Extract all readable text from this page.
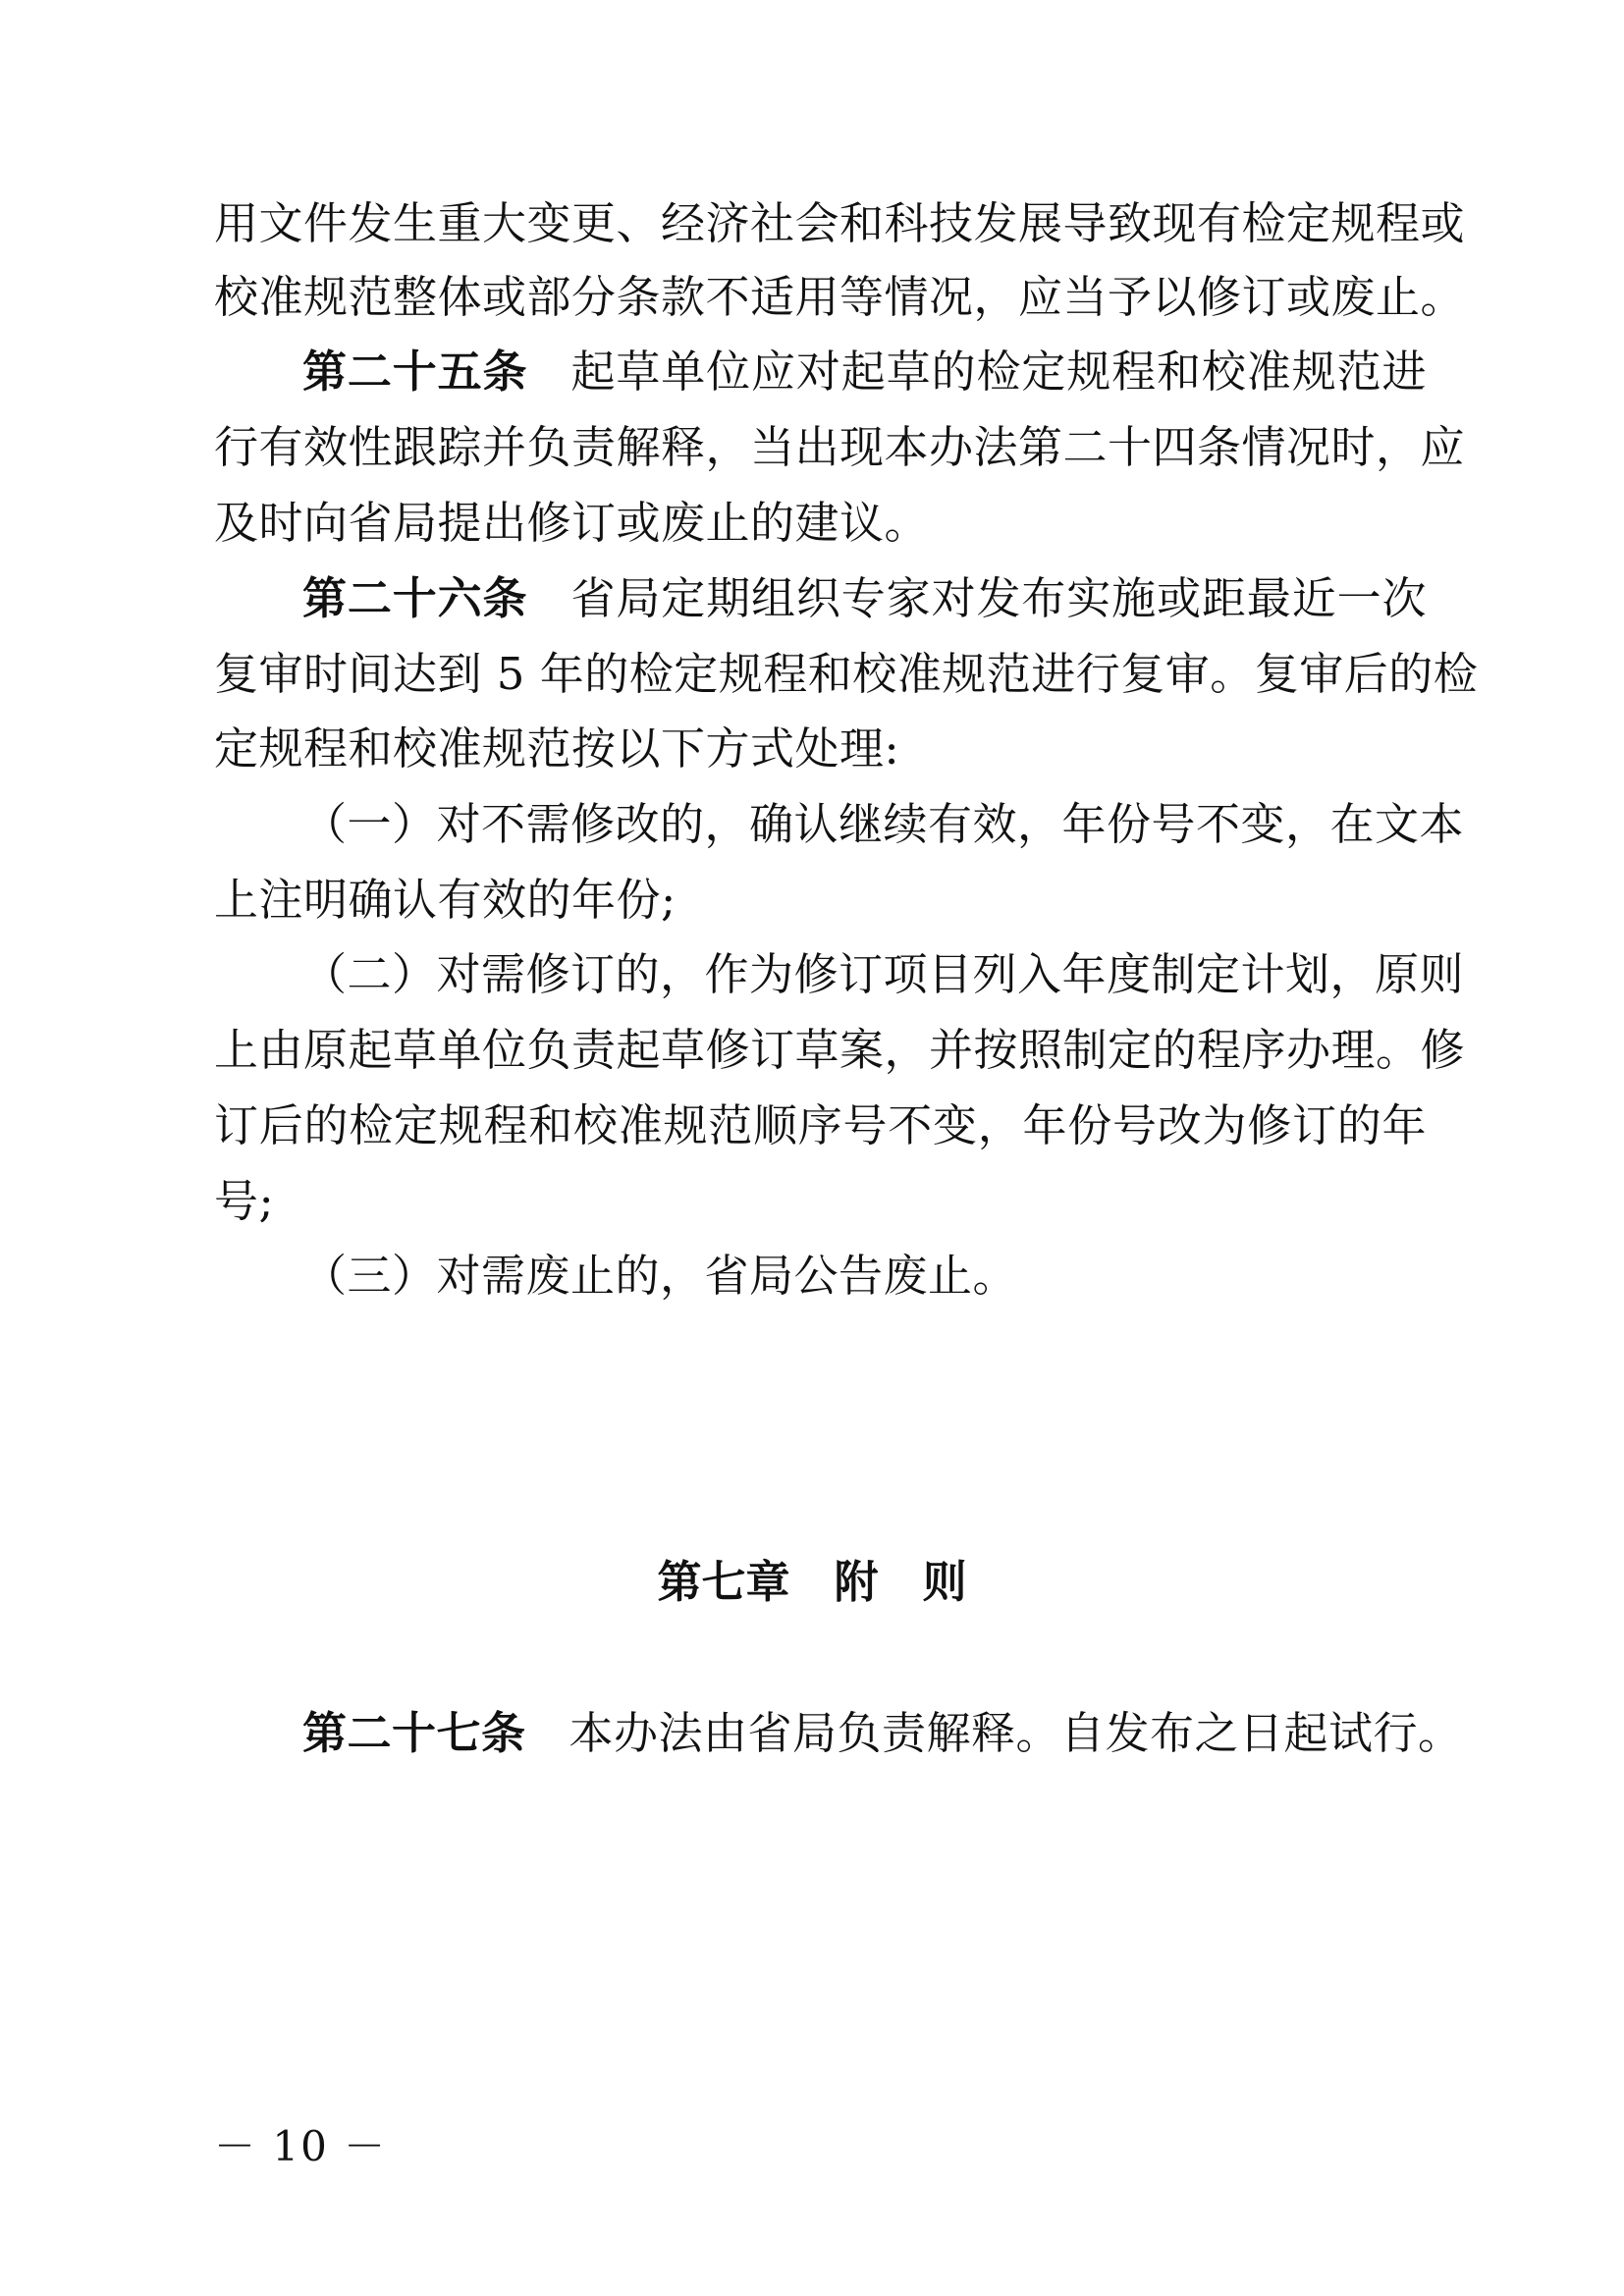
用文件发生重大变更、经济社会和科技发展导致现有检定规程或
校准规范整体或部分条款不适用等情况，应当予以修订或废止。
第二十五条 起草单位应对起草的检定规程和校准规范进
行有效性跟踪并负责解释，当出现本办法第二十四条情况时，应
及时向省局提出修订或废止的建议。
第二十六条 省局定期组织专家对发布实施或距最近一次
复审时间达到 5 年的检定规程和校准规范进行复审。复审后的检
定规程和校准规范按以下方式处理:
（一）对不需修改的，确认继续有效，年份号不变，在文本
上注明确认有效的年份;
（二）对需修订的，作为修订项目列入年度制定计划，原则
上由原起草单位负责起草修订草案，并按照制定的程序办理。修
订后的检定规程和校准规范顺序号不变，年份号改为修订的年
号;
（三）对需废止的，省局公告废止。
第七章　附　则
第二十七条 本办法由省局负责解释。自发布之日起试行。
－ 10 －
